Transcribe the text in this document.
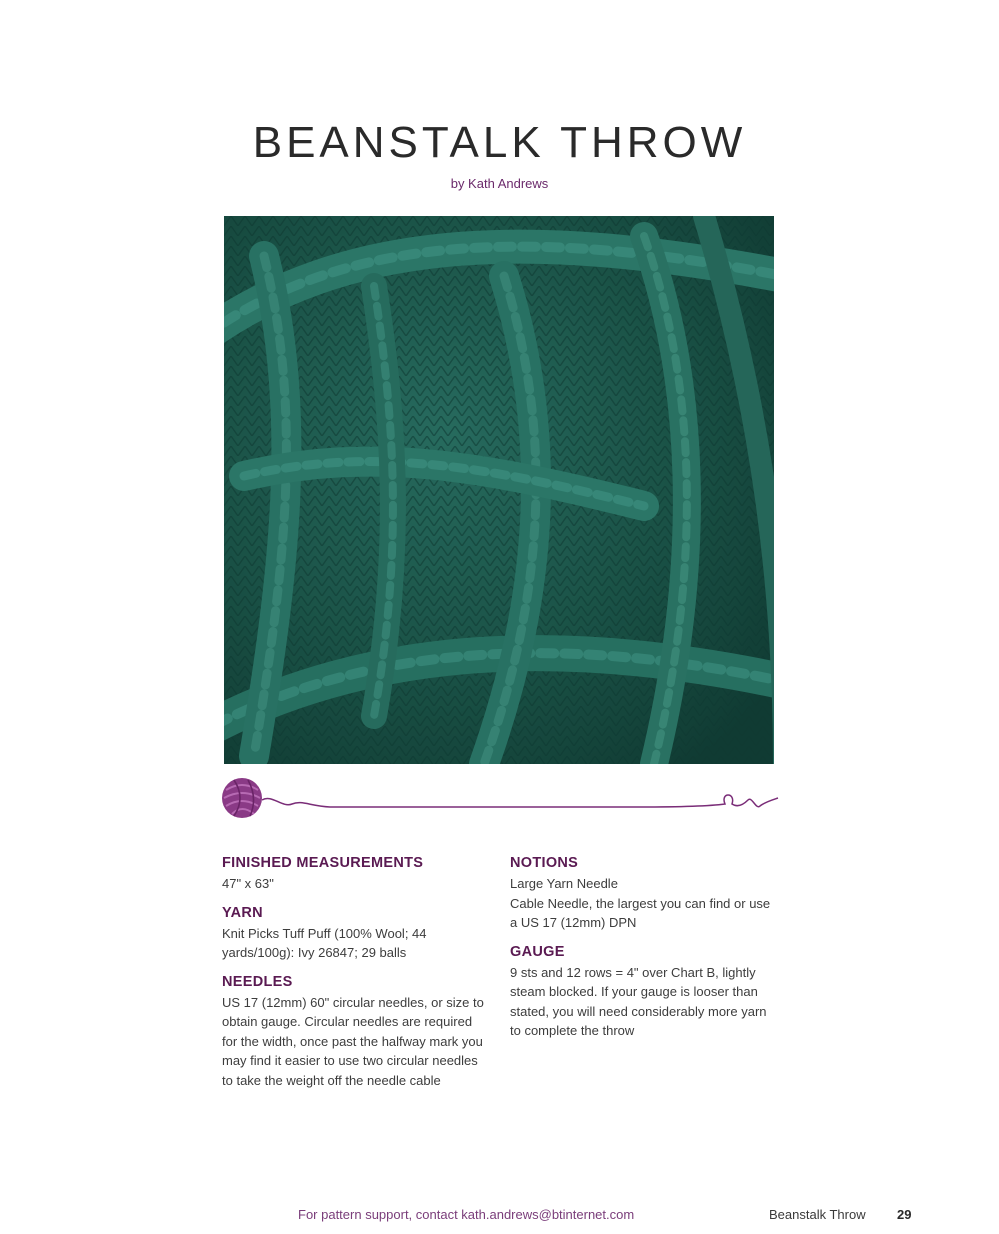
BEANSTALK THROW
by Kath Andrews
FINISHED MEASUREMENTS

47" x 63"

YARN

Knit Picks Tuff Puff (100% Wool; 44 yards/100g): Ivy 26847; 29 balls

NEEDLES

US 17 (12mm) 60" circular needles, or size to obtain gauge. Circular needles are required for the width, once past the halfway mark you may find it easier to use two circular needles to take the weight off the needle cable

NOTIONS

Large Yarn Needle

Cable Needle, the largest you can find or use a US 17 (12mm) DPN

GAUGE

9 sts and 12 rows = 4" over Chart B, lightly steam blocked. If your gauge is looser than stated, you will need considerably more yarn to complete the throw

For pattern support, contact kath.andrews@btinternet.com	Beanstalk Throw 29
